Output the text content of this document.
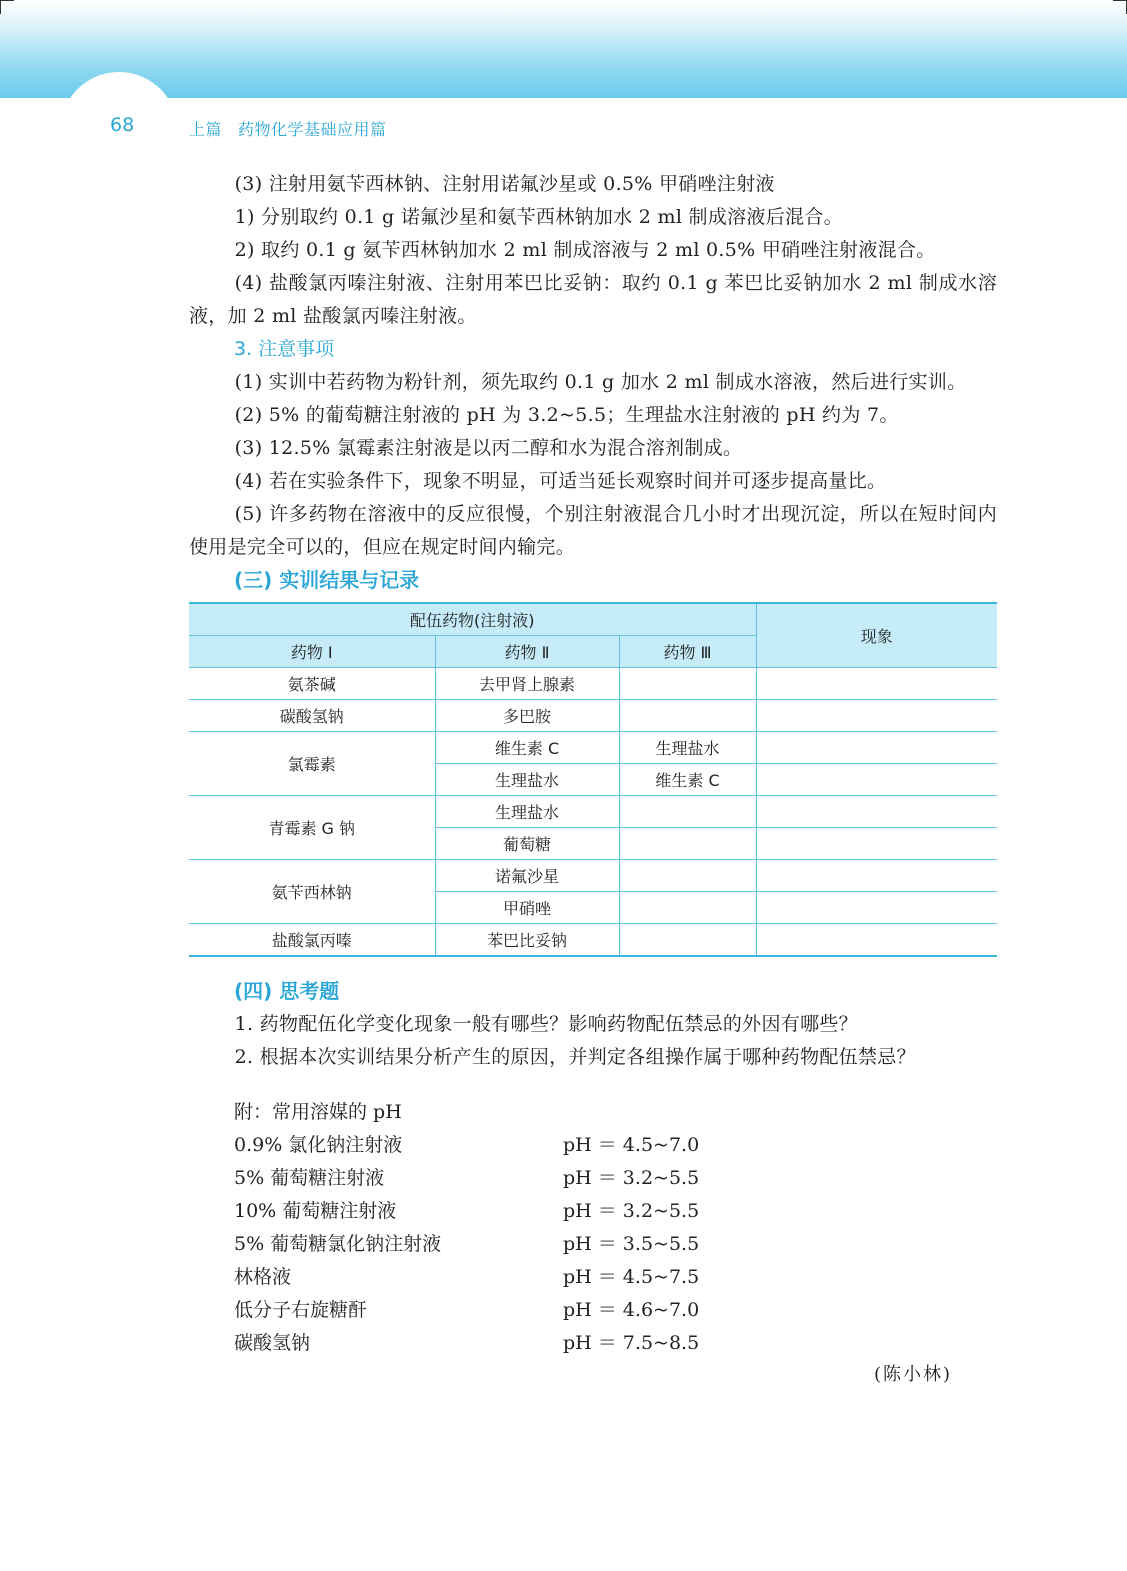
68	上篇 药物化学基础应用篇

(3) 注射用氨苄西林钠、注射用诺氟沙星或 0.5% 甲硝唑注射液

1) 分别取约 0.1 g 诺氟沙星和氨苄西林钠加水 2 ml 制成溶液后混合。

2) 取约 0.1 g 氨苄西林钠加水 2 ml 制成溶液与 2 ml 0.5% 甲硝唑注射液混合。

(4) 盐酸氯丙嗪注射液、注射用苯巴比妥钠：取约 0.1 g 苯巴比妥钠加水 2 ml 制成水溶液，加 2 ml 盐酸氯丙嗪注射液。

3. 注意事项

(1) 实训中若药物为粉针剂，须先取约 0.1 g 加水 2 ml 制成水溶液，然后进行实训。

(2) 5% 的葡萄糖注射液的 pH 为 3.2~5.5；生理盐水注射液的 pH 约为 7。

(3) 12.5% 氯霉素注射液是以丙二醇和水为混合溶剂制成。

(4) 若在实验条件下，现象不明显，可适当延长观察时间并可逐步提高量比。

(5) 许多药物在溶液中的反应很慢，个别注射液混合几小时才出现沉淀，所以在短时间内使用是完全可以的，但应在规定时间内输完。

(三) 实训结果与记录
配伍药物(注射液)			现象
药物 Ⅰ	药物 Ⅱ	药物 Ⅲ	
氨茶碱	去甲肾上腺素		
碳酸氢钠	多巴胺		
氯霉素	维生素 C	生理盐水	
	生理盐水	维生素 C	
青霉素 G 钠	生理盐水		
	葡萄糖		
氨苄西林钠	诺氟沙星		
	甲硝唑		
盐酸氯丙嗪	苯巴比妥钠		
(四) 思考题

1. 药物配伍化学变化现象一般有哪些？影响药物配伍禁忌的外因有哪些？

2. 根据本次实训结果分析产生的原因，并判定各组操作属于哪种药物配伍禁忌？

附：常用溶媒的 pH

0.9% 氯化钠注射液	pH ＝ 4.5~7.0
5% 葡萄糖注射液	pH ＝ 3.2~5.5
10% 葡萄糖注射液	pH ＝ 3.2~5.5
5% 葡萄糖氯化钠注射液	pH ＝ 3.5~5.5
林格液	pH ＝ 4.5~7.5
低分子右旋糖酐	pH ＝ 4.6~7.0
碳酸氢钠	pH ＝ 7.5~8.5
(陈小林)
